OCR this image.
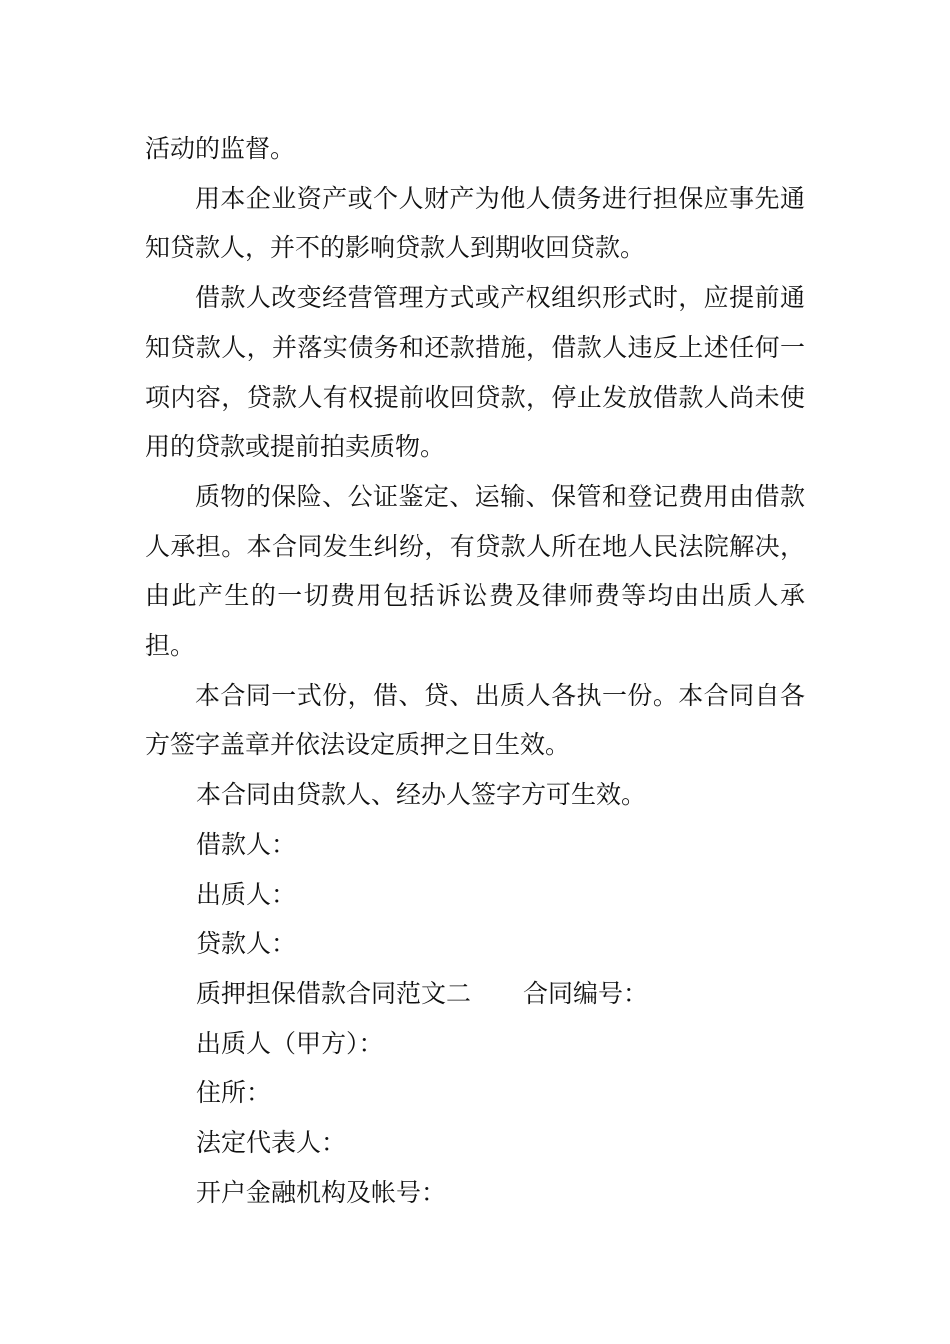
活动的监督。

用本企业资产或个人财产为他人债务进行担保应事先通知贷款人，并不的影响贷款人到期收回贷款。

借款人改变经营管理方式或产权组织形式时，应提前通知贷款人，并落实债务和还款措施，借款人违反上述任何一项内容，贷款人有权提前收回贷款，停止发放借款人尚未使用的贷款或提前拍卖质物。

质物的保险、公证鉴定、运输、保管和登记费用由借款人承担。本合同发生纠纷，有贷款人所在地人民法院解决，由此产生的一切费用包括诉讼费及律师费等均由出质人承担。

本合同一式份，借、贷、出质人各执一份。本合同自各方签字盖章并依法设定质押之日生效。

本合同由贷款人、经办人签字方可生效。

借款人：

出质人：

贷款人：

质押担保借款合同范文二 合同编号：

出质人（甲方）：

住所：

法定代表人：

开户金融机构及帐号：
